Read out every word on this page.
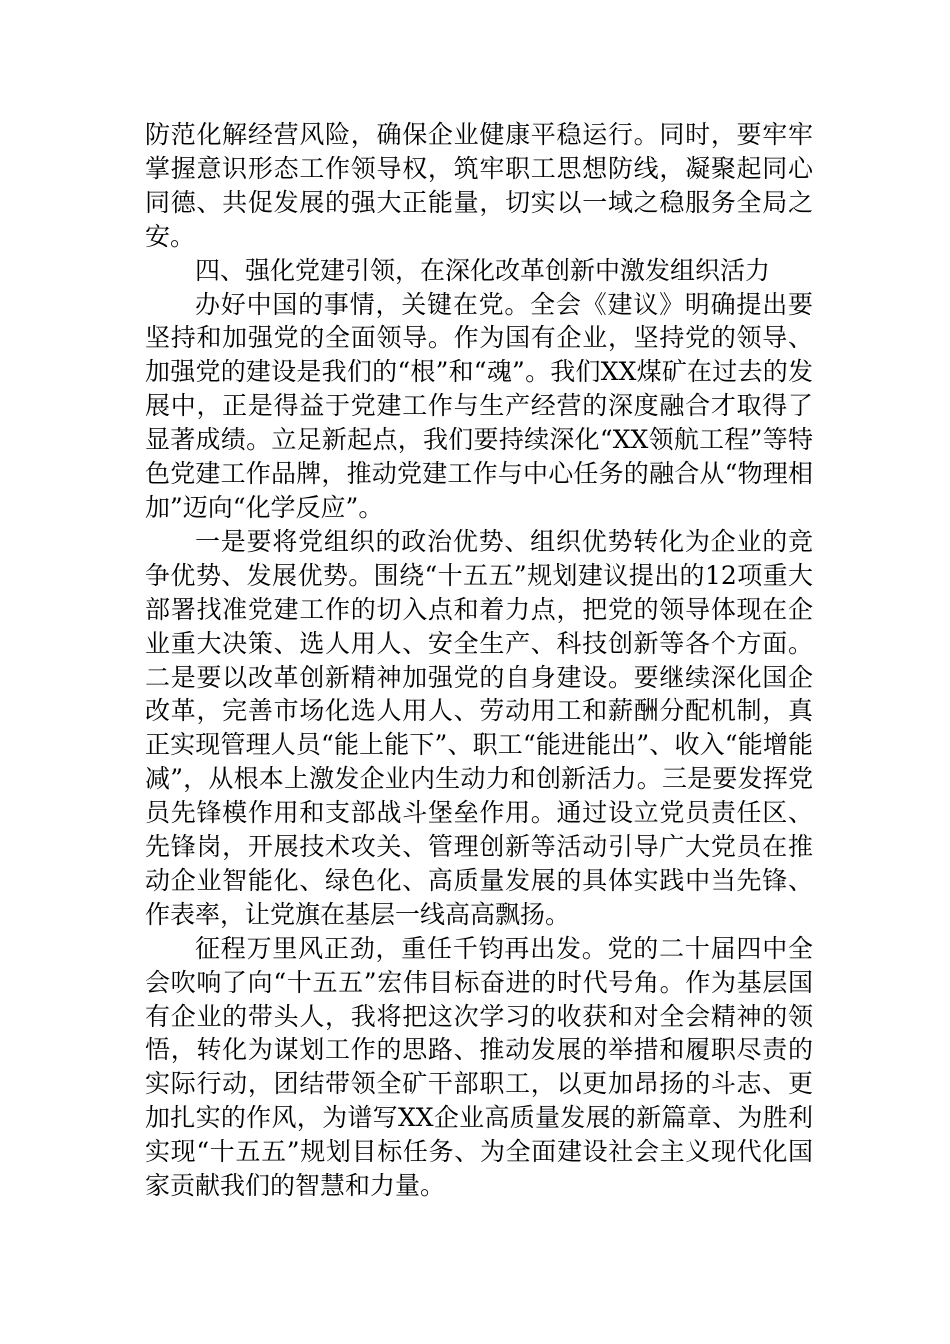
防范化解经营风险，确保企业健康平稳运行。同时，要牢牢掌握意识形态工作领导权，筑牢职工思想防线，凝聚起同心同德、共促发展的强大正能量，切实以一域之稳服务全局之安。

四、强化党建引领，在深化改革创新中激发组织活力

办好中国的事情，关键在党。全会《建议》明确提出要坚持和加强党的全面领导。作为国有企业，坚持党的领导、加强党的建设是我们的“根”和“魂”。我们XX煤矿在过去的发展中，正是得益于党建工作与生产经营的深度融合才取得了显著成绩。立足新起点，我们要持续深化“XX领航工程”等特色党建工作品牌，推动党建工作与中心任务的融合从“物理相加”迈向“化学反应”。

一是要将党组织的政治优势、组织优势转化为企业的竞争优势、发展优势。围绕“十五五”规划建议提出的12项重大部署找准党建工作的切入点和着力点，把党的领导体现在企业重大决策、选人用人、安全生产、科技创新等各个方面。二是要以改革创新精神加强党的自身建设。要继续深化国企改革，完善市场化选人用人、劳动用工和薪酬分配机制，真正实现管理人员“能上能下”、职工“能进能出”、收入“能增能减”，从根本上激发企业内生动力和创新活力。三是要发挥党员先锋模作用和支部战斗堡垒作用。通过设立党员责任区、先锋岗，开展技术攻关、管理创新等活动引导广大党员在推动企业智能化、绿色化、高质量发展的具体实践中当先锋、作表率，让党旗在基层一线高高飘扬。

征程万里风正劲，重任千钧再出发。党的二十届四中全会吹响了向“十五五”宏伟目标奋进的时代号角。作为基层国有企业的带头人，我将把这次学习的收获和对全会精神的领悟，转化为谋划工作的思路、推动发展的举措和履职尽责的实际行动，团结带领全矿干部职工，以更加昂扬的斗志、更加扎实的作风，为谱写XX企业高质量发展的新篇章、为胜利实现“十五五”规划目标任务、为全面建设社会主义现代化国家贡献我们的智慧和力量。
